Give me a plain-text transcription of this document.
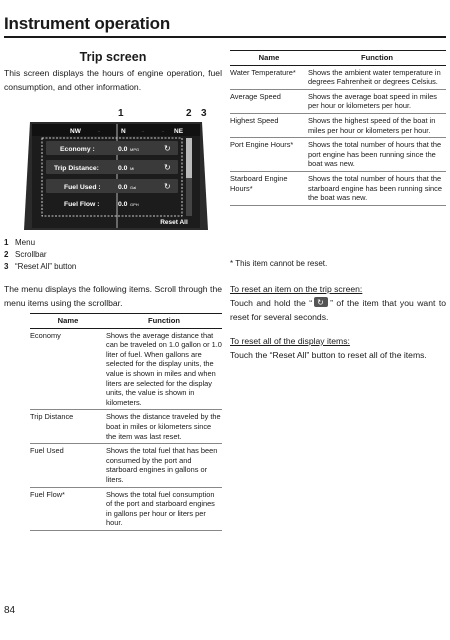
Instrument operation
Trip screen
This screen displays the hours of engine operation, fuel consumption, and other information.
1	2 3
NW	·	N	·	· NE
Economy :	0.0 MPG	↻
Trip Distance:	0.0 Mi	↻
Fuel Used :	0.0 Gal	↻
Fuel Flow :	0.0 GPH
Reset All
1 Menu
2 Scrollbar
3 “Reset All” button
The menu displays the following items. Scroll through the menu items using the scrollbar.
Name	Function
Economy	Shows the average distance that can be traveled on 1.0 gallon or 1.0 liter of fuel. When gallons are selected for the display units, the value is shown in miles and when liters are selected for the display units, the value is shown in kilometers.
Trip Distance	Shows the distance traveled by the boat in miles or kilometers since the item was last reset.
Fuel Used	Shows the total fuel that has been consumed by the port and starboard engines in gallons or liters.
Fuel Flow*	Shows the total fuel consumption of the port and starboard engines in gallons per hour or liters per hour.
Name	Function
Water Temperature*	Shows the ambient water temperature in degrees Fahrenheit or degrees Celsius.
Average Speed	Shows the average boat speed in miles per hour or kilometers per hour.
Highest Speed	Shows the highest speed of the boat in miles per hour or kilometers per hour.
Port Engine Hours*	Shows the total number of hours that the port engine has been running since the boat was new.
Starboard Engine Hours*	Shows the total number of hours that the starboard engine has been running since the boat was new.
* This item cannot be reset.
To reset an item on the trip screen:
Touch and hold the “ ↻ ” of the item that you want to reset for several seconds.
To reset all of the display items:
Touch the “Reset All” button to reset all of the items.
84
